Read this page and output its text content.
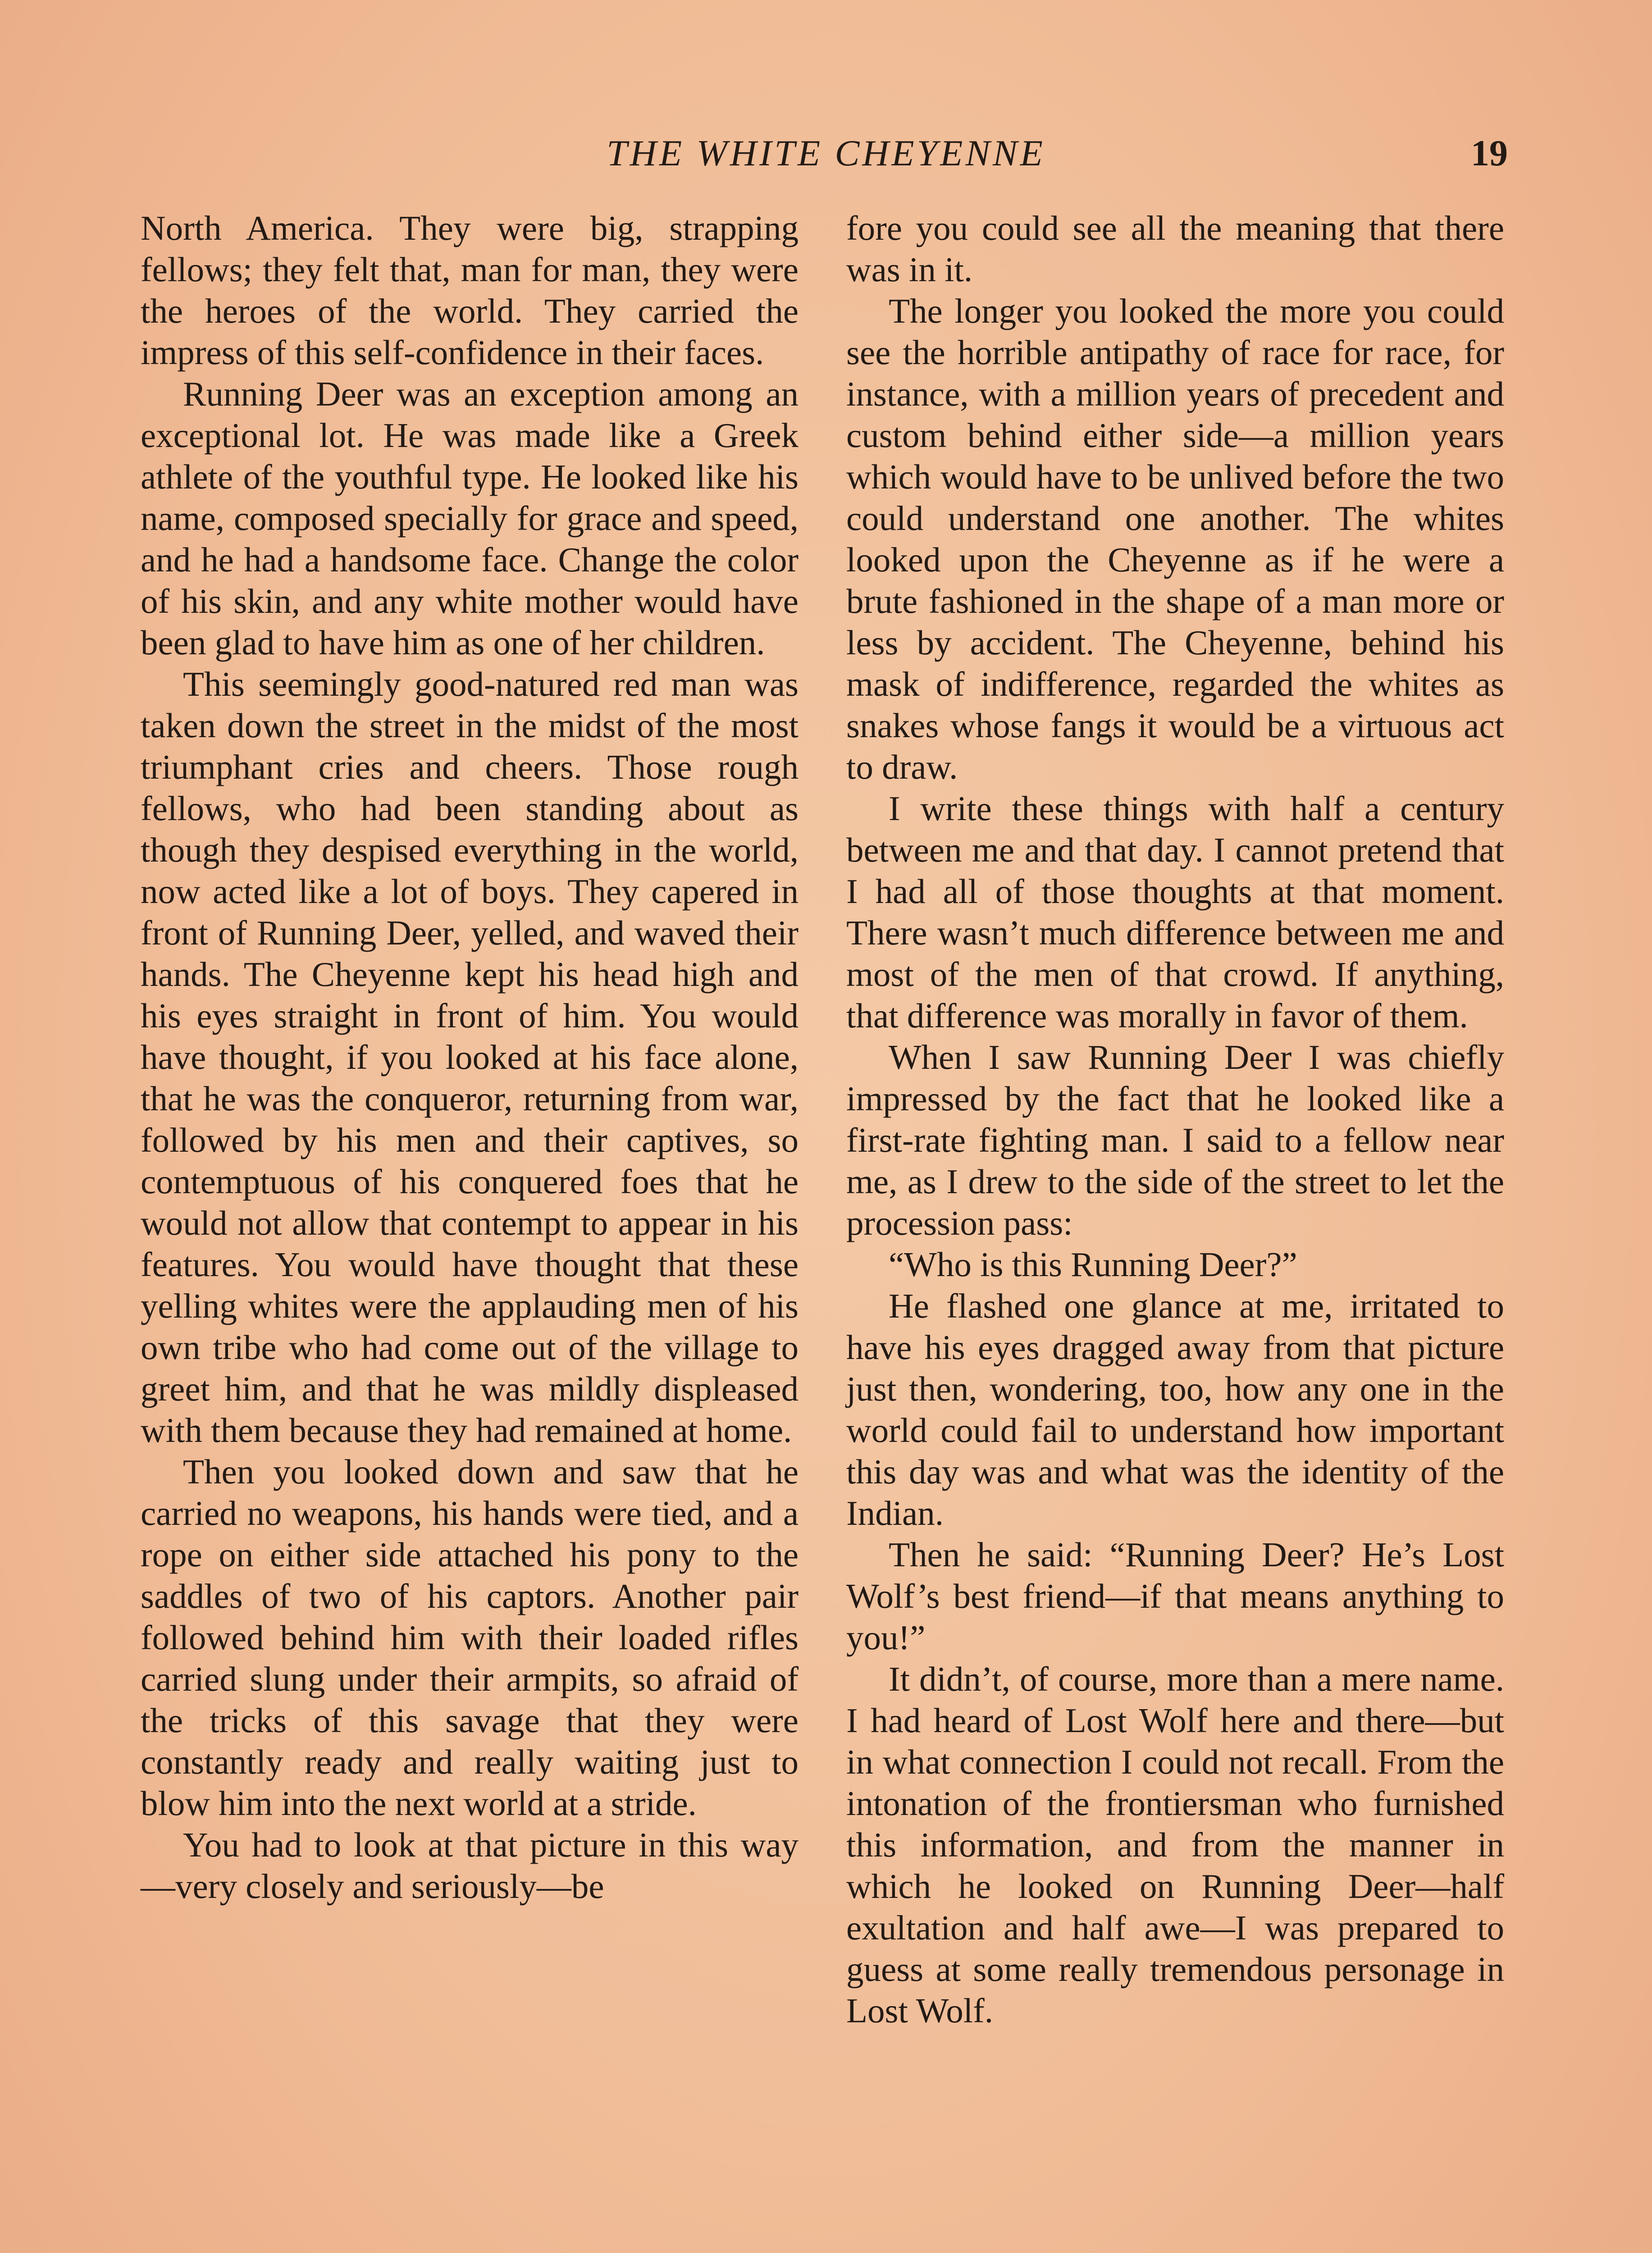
THE WHITE CHEYENNE	19

North America. They were big, strapping fellows; they felt that, man for man, they were the heroes of the world. They carried the impress of this self-confidence in their faces.

Running Deer was an exception among an exceptional lot. He was made like a Greek athlete of the youthful type. He looked like his name, composed specially for grace and speed, and he had a handsome face. Change the color of his skin, and any white mother would have been glad to have him as one of her children.

This seemingly good-natured red man was taken down the street in the midst of the most triumphant cries and cheers. Those rough fellows, who had been standing about as though they despised everything in the world, now acted like a lot of boys. They capered in front of Running Deer, yelled, and waved their hands. The Cheyenne kept his head high and his eyes straight in front of him. You would have thought, if you looked at his face alone, that he was the conqueror, returning from war, followed by his men and their captives, so contemptuous of his conquered foes that he would not allow that contempt to appear in his features. You would have thought that these yelling whites were the applauding men of his own tribe who had come out of the village to greet him, and that he was mildly displeased with them because they had remained at home.

Then you looked down and saw that he carried no weapons, his hands were tied, and a rope on either side attached his pony to the saddles of two of his captors. Another pair followed behind him with their loaded rifles carried slung under their armpits, so afraid of the tricks of this savage that they were constantly ready and really waiting just to blow him into the next world at a stride.

You had to look at that picture in this way—very closely and seriously—be

fore you could see all the meaning that there was in it.

The longer you looked the more you could see the horrible antipathy of race for race, for instance, with a million years of precedent and custom behind either side—a million years which would have to be unlived before the two could understand one another. The whites looked upon the Cheyenne as if he were a brute fashioned in the shape of a man more or less by accident. The Cheyenne, behind his mask of indifference, regarded the whites as snakes whose fangs it would be a virtuous act to draw.

I write these things with half a century between me and that day. I cannot pretend that I had all of those thoughts at that moment. There wasn’t much difference between me and most of the men of that crowd. If anything, that difference was morally in favor of them.

When I saw Running Deer I was chiefly impressed by the fact that he looked like a first-rate fighting man. I said to a fellow near me, as I drew to the side of the street to let the procession pass:

“Who is this Running Deer?”

He flashed one glance at me, irritated to have his eyes dragged away from that picture just then, wondering, too, how any one in the world could fail to understand how important this day was and what was the identity of the Indian.

Then he said: “Running Deer? He’s Lost Wolf’s best friend—if that means anything to you!”

It didn’t, of course, more than a mere name. I had heard of Lost Wolf here and there—but in what connection I could not recall. From the intonation of the frontiersman who furnished this information, and from the manner in which he looked on Running Deer—half exultation and half awe—I was prepared to guess at some really tremendous personage in Lost Wolf.
